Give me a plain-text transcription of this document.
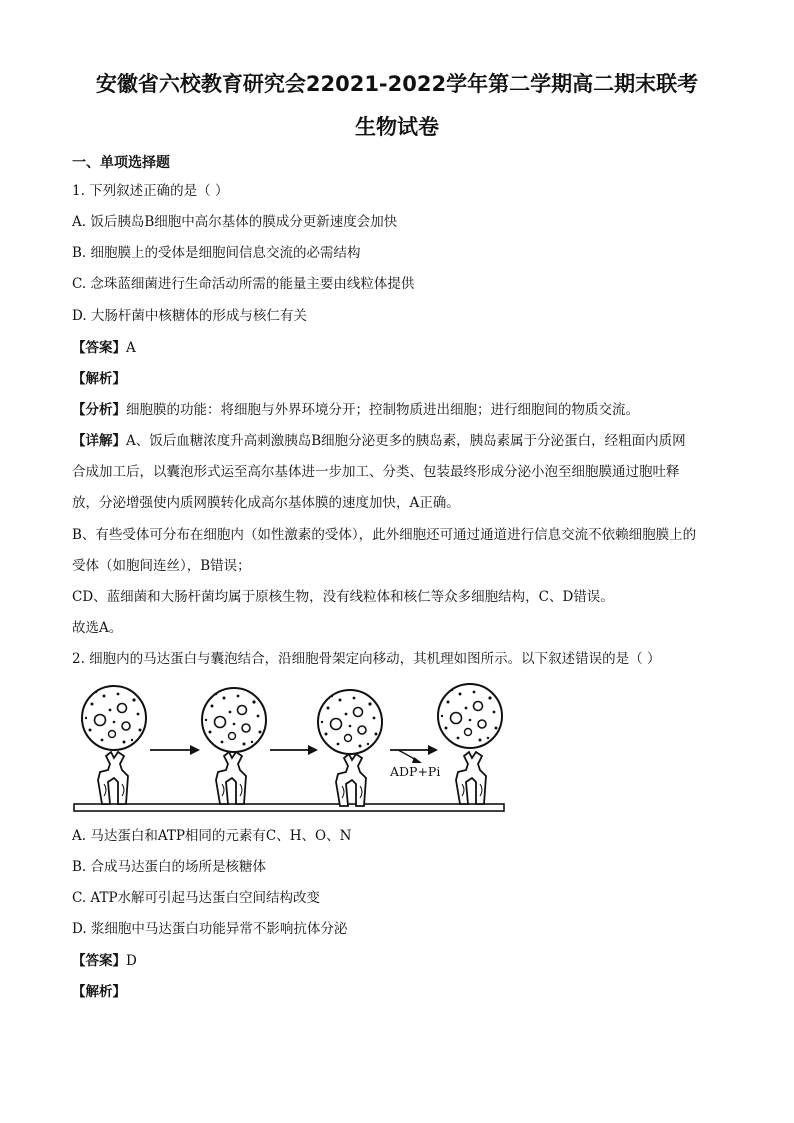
安徽省六校教育研究会22021-2022学年第二学期高二期末联考
生物试卷
一、单项选择题
1. 下列叙述正确的是（ ）
A. 饭后胰岛B细胞中高尔基体的膜成分更新速度会加快
B. 细胞膜上的受体是细胞间信息交流的必需结构
C. 念珠蓝细菌进行生命活动所需的能量主要由线粒体提供
D. 大肠杆菌中核糖体的形成与核仁有关
【答案】A
【解析】
【分析】细胞膜的功能：将细胞与外界环境分开；控制物质进出细胞；进行细胞间的物质交流。
【详解】A、饭后血糖浓度升高刺激胰岛B细胞分泌更多的胰岛素，胰岛素属于分泌蛋白，经粗面内质网
合成加工后，以囊泡形式运至高尔基体进一步加工、分类、包装最终形成分泌小泡至细胞膜通过胞吐释
放，分泌增强使内质网膜转化成高尔基体膜的速度加快，A正确。
B、有些受体可分布在细胞内（如性激素的受体），此外细胞还可通过通道进行信息交流不依赖细胞膜上的
受体（如胞间连丝），B错误；
CD、蓝细菌和大肠杆菌均属于原核生物，没有线粒体和核仁等众多细胞结构，C、D错误。
故选A。
2. 细胞内的马达蛋白与囊泡结合，沿细胞骨架定向移动，其机理如图所示。以下叙述错误的是（ ）
ADP+Pi
A. 马达蛋白和ATP相同的元素有C、H、O、N
B. 合成马达蛋白的场所是核糖体
C. ATP水解可引起马达蛋白空间结构改变
D. 浆细胞中马达蛋白功能异常不影响抗体分泌
【答案】D
【解析】
